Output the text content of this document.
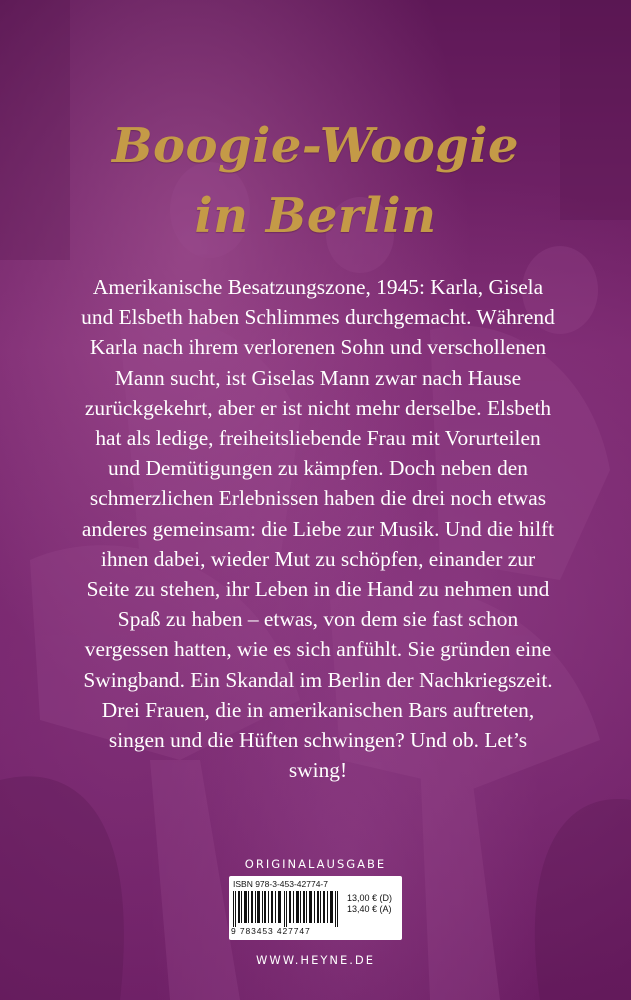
Boogie-Woogie
in Berlin

Amerikanische Besatzungszone, 1945: Karla, Gisela und Elsbeth haben Schlimmes durchgemacht. Während Karla nach ihrem verlorenen Sohn und verschollenen Mann sucht, ist Giselas Mann zwar nach Hause zurückgekehrt, aber er ist nicht mehr derselbe. Elsbeth hat als ledige, freiheitsliebende Frau mit Vorurteilen und Demütigungen zu kämpfen. Doch neben den schmerzlichen Erlebnissen haben die drei noch etwas anderes gemeinsam: die Liebe zur Musik. Und die hilft ihnen dabei, wieder Mut zu schöpfen, einander zur Seite zu stehen, ihr Leben in die Hand zu nehmen und Spaß zu haben – etwas, von dem sie fast schon vergessen hatten, wie es sich anfühlt. Sie gründen eine Swingband. Ein Skandal im Berlin der Nachkriegszeit. Drei Frauen, die in amerikanischen Bars auftreten, singen und die Hüften schwingen? Und ob. Let’s swing!

ORIGINALAUSGABE
ISBN 978-3-453-42774-7
9 783453 427747
13,00 € (D)
13,40 € (A)
WWW.HEYNE.DE
